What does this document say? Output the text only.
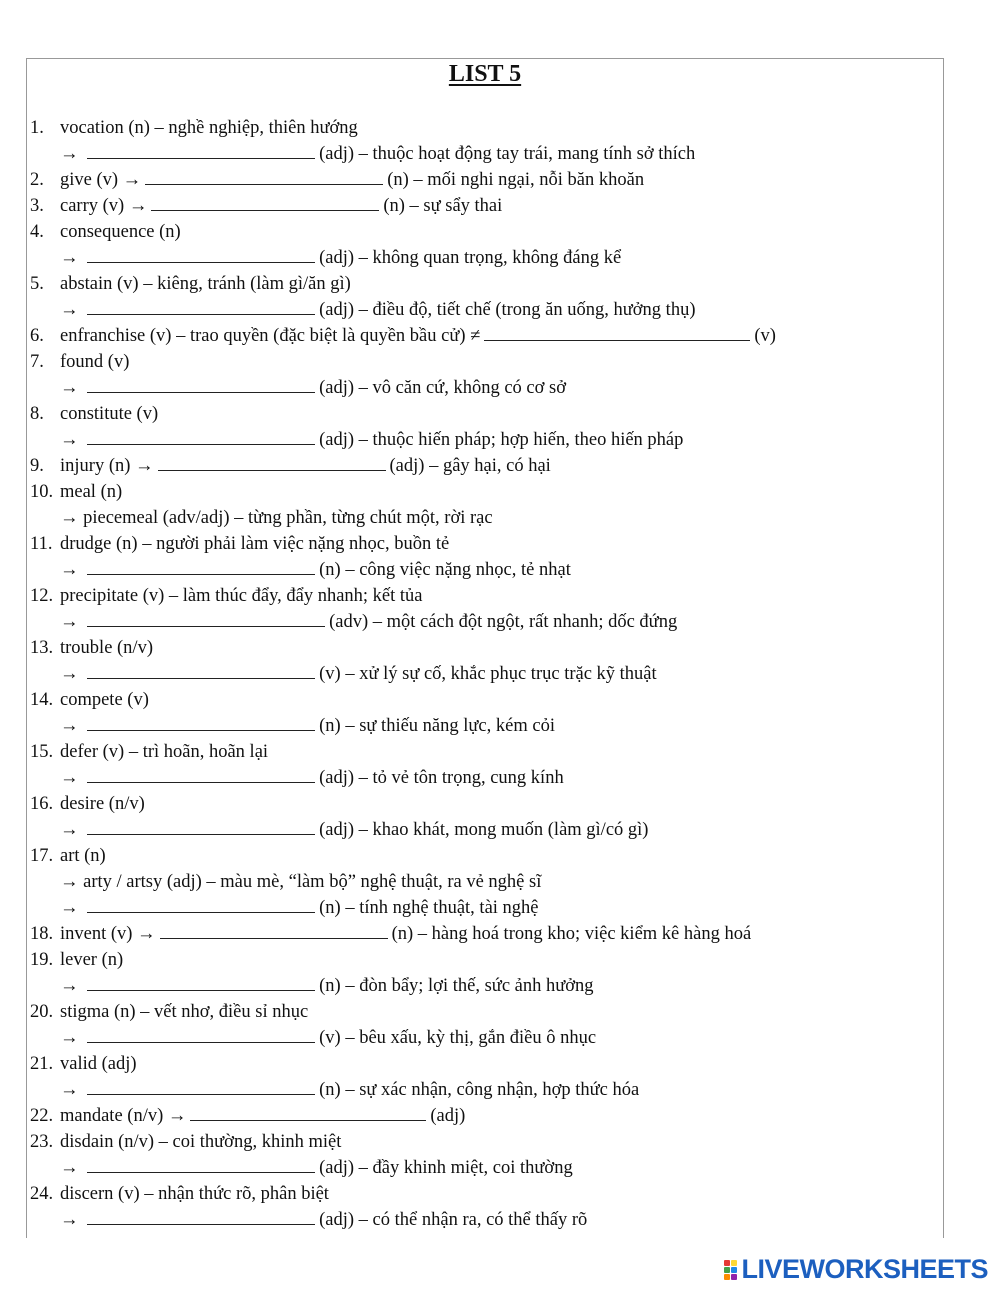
LIST 5
1. vocation (n) – nghề nghiệp, thiên hướng
→	(adj) – thuộc hoạt động tay trái, mang tính sở thích
2. give (v) →	(n) – mối nghi ngại, nỗi băn khoăn
3. carry (v) →	(n) – sự sẩy thai
4. consequence (n)
→	(adj) – không quan trọng, không đáng kể
5. abstain (v) – kiêng, tránh (làm gì/ăn gì)
→	(adj) – điều độ, tiết chế (trong ăn uống, hưởng thụ)
6. enfranchise (v) – trao quyền (đặc biệt là quyền bầu cử) ≠	(v)
7. found (v)
→	(adj) – vô căn cứ, không có cơ sở
8. constitute (v)
→	(adj) – thuộc hiến pháp; hợp hiến, theo hiến pháp
9. injury (n) →	(adj) – gây hại, có hại
10. meal (n)
→ piecemeal (adv/adj) – từng phần, từng chút một, rời rạc
11. drudge (n) – người phải làm việc nặng nhọc, buồn tẻ
→	(n) – công việc nặng nhọc, tẻ nhạt
12. precipitate (v) – làm thúc đẩy, đẩy nhanh; kết tủa
→	(adv) – một cách đột ngột, rất nhanh; dốc đứng
13. trouble (n/v)
→	(v) – xử lý sự cố, khắc phục trục trặc kỹ thuật
14. compete (v)
→	(n) – sự thiếu năng lực, kém cỏi
15. defer (v) – trì hoãn, hoãn lại
→	(adj) – tỏ vẻ tôn trọng, cung kính
16. desire (n/v)
→	(adj) – khao khát, mong muốn (làm gì/có gì)
17. art (n)
→ arty / artsy (adj) – màu mè, “làm bộ” nghệ thuật, ra vẻ nghệ sĩ
→	(n) – tính nghệ thuật, tài nghệ
18. invent (v) →	(n) – hàng hoá trong kho; việc kiểm kê hàng hoá
19. lever (n)
→	(n) – đòn bẩy; lợi thế, sức ảnh hưởng
20. stigma (n) – vết nhơ, điều sỉ nhục
→	(v) – bêu xấu, kỳ thị, gắn điều ô nhục
21. valid (adj)
→	(n) – sự xác nhận, công nhận, hợp thức hóa
22. mandate (n/v) →	(adj)
23. disdain (n/v) – coi thường, khinh miệt
→	(adj) – đầy khinh miệt, coi thường
24. discern (v) – nhận thức rõ, phân biệt
→	(adj) – có thể nhận ra, có thể thấy rõ
LIVEWORKSHEETS
